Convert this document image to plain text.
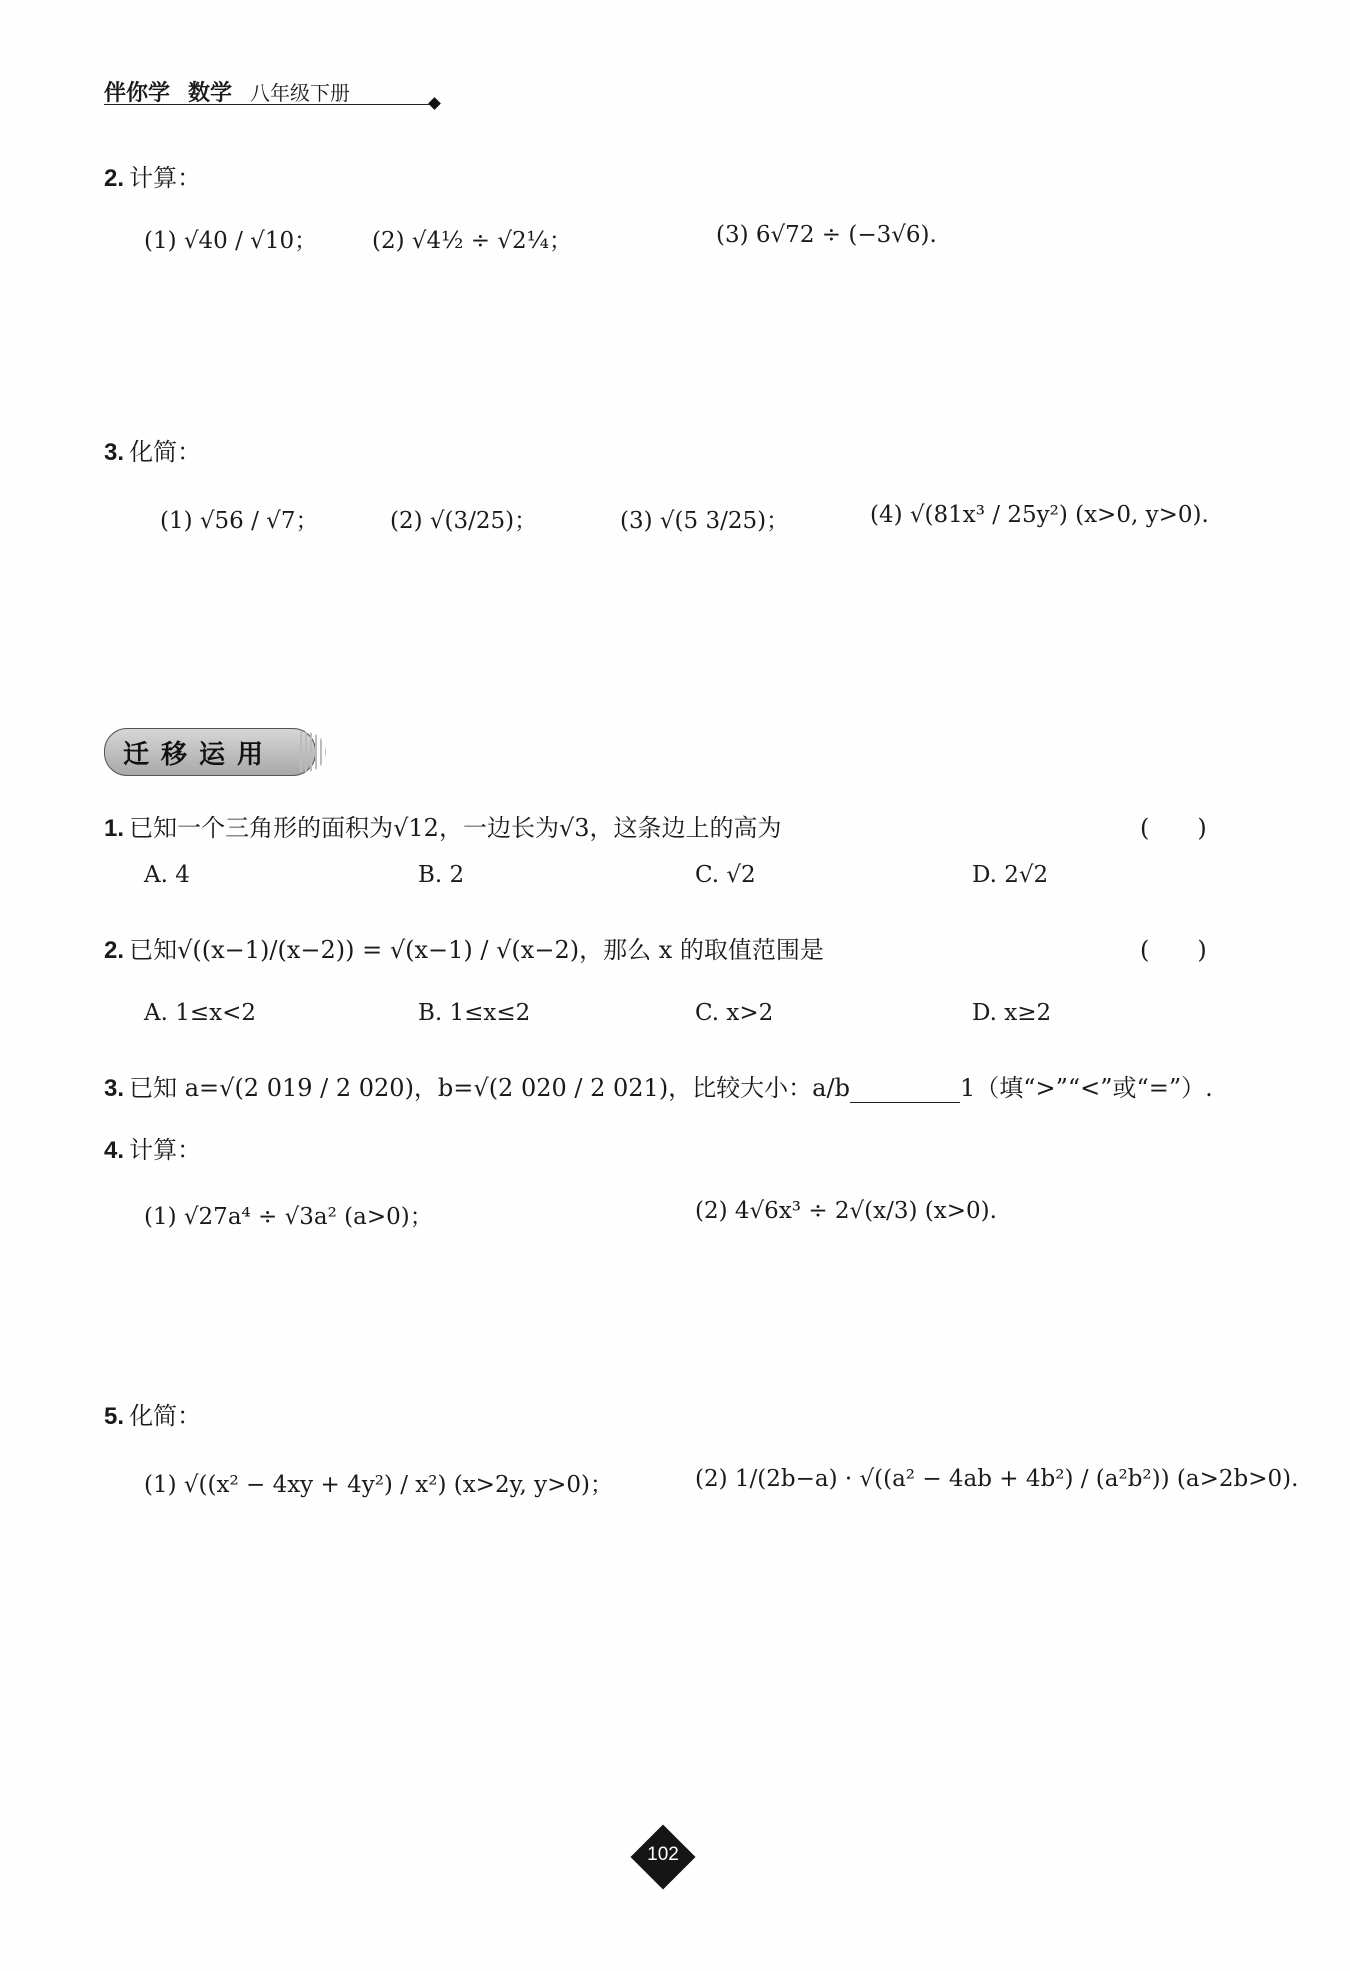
伴你学 数学 八年级下册
2. 计算：
(1) √40 / √10； (2) √4½ ÷ √2¼；	(3) 6√72 ÷ (−3√6).
3. 化简：
(1) √56 / √7；	(2) √(3/25)；	(3) √(5 3/25)；	(4) √(81x³ / 25y²) (x>0, y>0).
迁移运用
1. 已知一个三角形的面积为√12，一边长为√3，这条边上的高为	(　　)
A. 4	B. 2	C. √2	D. 2√2
2. 已知√((x−1)/(x−2)) = √(x−1) / √(x−2)，那么 x 的取值范围是	(　　)
A. 1≤x<2	B. 1≤x≤2	C. x>2	D. x≥2
3. 已知 a=√(2 019 / 2 020)，b=√(2 020 / 2 021)，比较大小：a/b	1（填“>”“<”或“=”）.
4. 计算：
(1) √27a⁴ ÷ √3a² (a>0)；	(2) 4√6x³ ÷ 2√(x/3) (x>0).
5. 化简：
(1) √((x² − 4xy + 4y²) / x²) (x>2y, y>0)；	(2) 1/(2b−a) · √((a² − 4ab + 4b²) / (a²b²)) (a>2b>0).
102
